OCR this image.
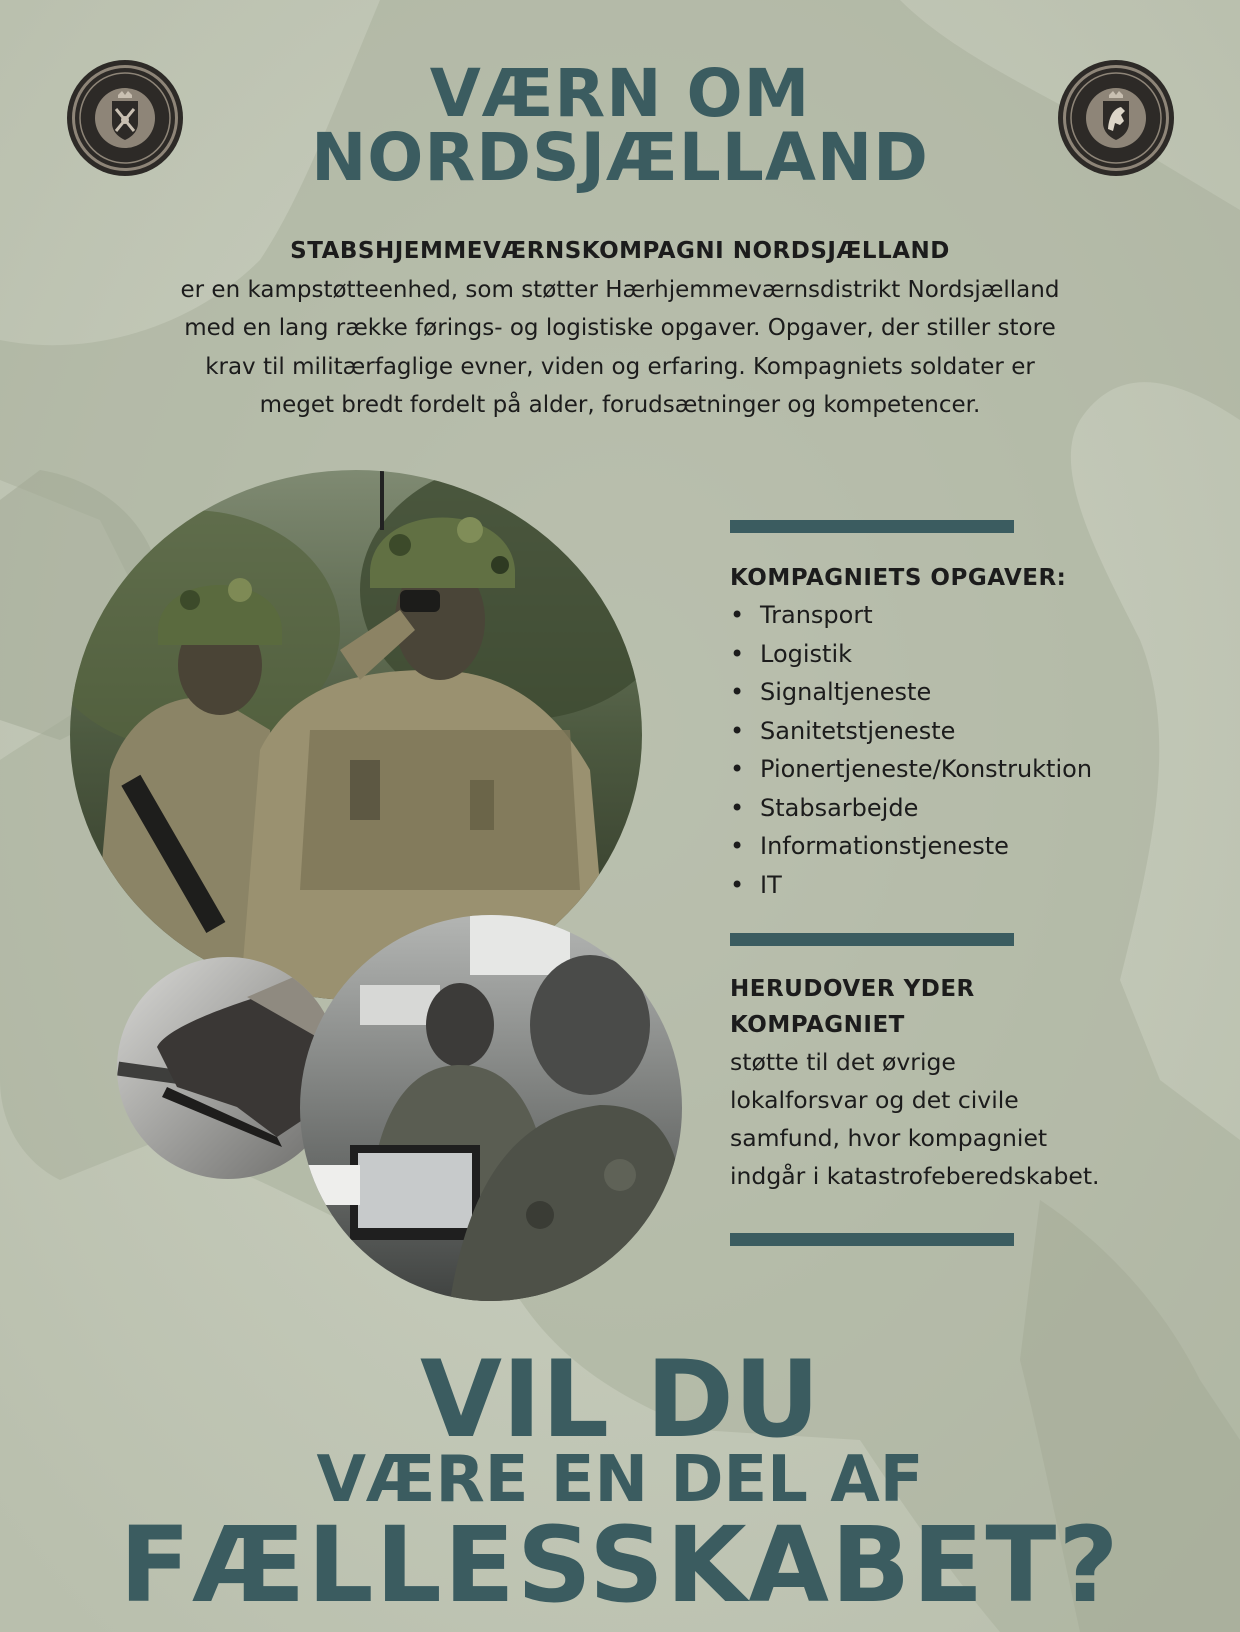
VÆRN OM
NORDSJÆLLAND
STABSHJEMMEVÆRNSKOMPAGNI NORDSJÆLLAND
er en kampstøtteenhed, som støtter Hærhjemmeværnsdistrikt Nordsjælland
med en lang række førings- og logistiske opgaver. Opgaver, der stiller store
krav til militærfaglige evner, viden og erfaring. Kompagniets soldater er
meget bredt fordelt på alder, forudsætninger og kompetencer.
KOMPAGNIETS OPGAVER:
• Transport
• Logistik
• Signaltjeneste
• Sanitetstjeneste
• Pionertjeneste/Konstruktion
• Stabsarbejde
• Informationstjeneste
• IT
HERUDOVER YDER
KOMPAGNIET
støtte til det øvrige
lokalforsvar og det civile
samfund, hvor kompagniet
indgår i katastrofeberedskabet.
VIL DU
VÆRE EN DEL AF
FÆLLESSKABET?
